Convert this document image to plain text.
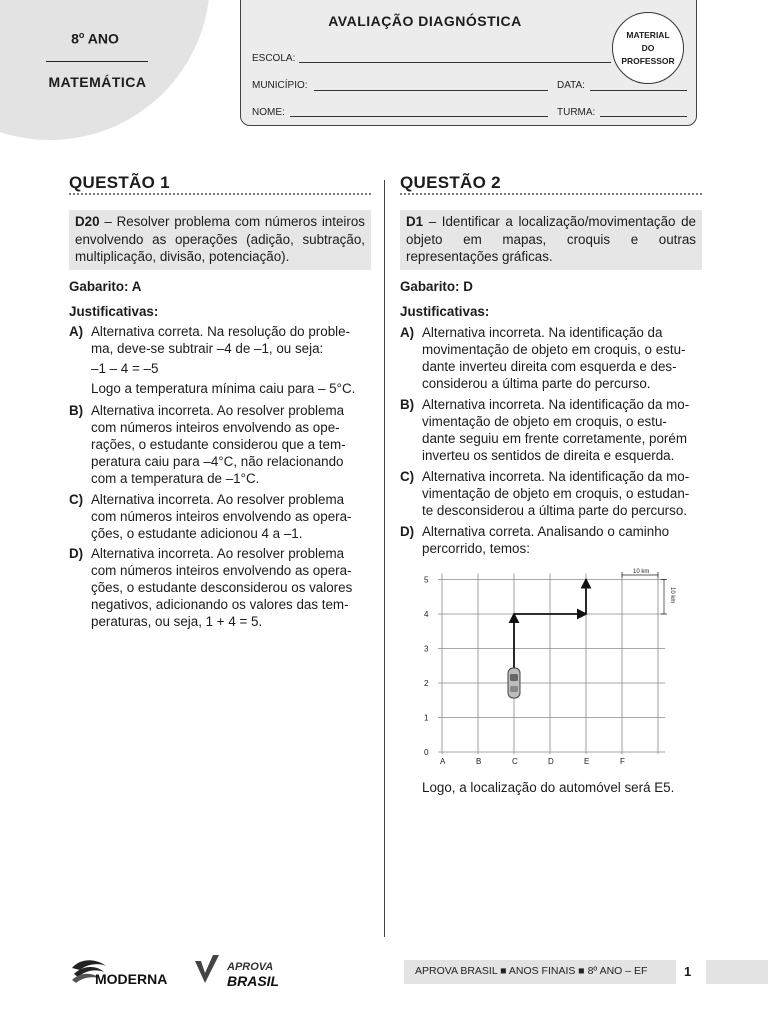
8$^o$ ANO
MATEMÁTICA
AVALIAÇÃO DIAGNÓSTICA
ESCOLA:
MUNICÍPIO:	DATA:
NOME:	TURMA:
MATERIAL
DO
PROFESSOR
QUESTÃO 1
D20 – Resolver problema com números inteiros envolvendo as operações (adição, subtração, multiplicação, divisão, potenciação).
Gabarito: A
Justificativas:
A) Alternativa correta. Na resolução do proble-
ma, deve-se subtrair –4 de –1, ou seja:
–1 – 4 = –5
Logo a temperatura mínima caiu para – 5°C.
B) Alternativa incorreta. Ao resolver problema
com números inteiros envolvendo as ope-
rações, o estudante considerou que a tem-
peratura caiu para –4°C, não relacionando
com a temperatura de –1°C.
C) Alternativa incorreta. Ao resolver problema
com números inteiros envolvendo as opera-
ções, o estudante adicionou 4 a –1.
D) Alternativa incorreta. Ao resolver problema
com números inteiros envolvendo as opera-
ções, o estudante desconsiderou os valores
negativos, adicionando os valores das tem-
peraturas, ou seja, 1 + 4 = 5.
QUESTÃO 2
D1 – Identificar a localização/movimentação de objeto em mapas, croquis e outras representações gráficas.
Gabarito: D
Justificativas:
A) Alternativa incorreta. Na identificação da
movimentação de objeto em croquis, o estu-
dante inverteu direita com esquerda e des-
considerou a última parte do percurso.
B) Alternativa incorreta. Na identificação da mo-
vimentação de objeto em croquis, o estu-
dante seguiu em frente corretamente, porém
inverteu os sentidos de direita e esquerda.
C) Alternativa incorreta. Na identificação da mo-
vimentação de objeto em croquis, o estudan-
te desconsiderou a última parte do percurso.
D) Alternativa correta. Analisando o caminho
percorrido, temos:
A	B	C	D	E	F
0
1
2
3
4
5
10 km
10 km
Logo, a localização do automóvel será E5.
MODERNA
APROVA
BRASIL
APROVA BRASIL ■ ANOS FINAIS ■ 8º ANO – EF	1
